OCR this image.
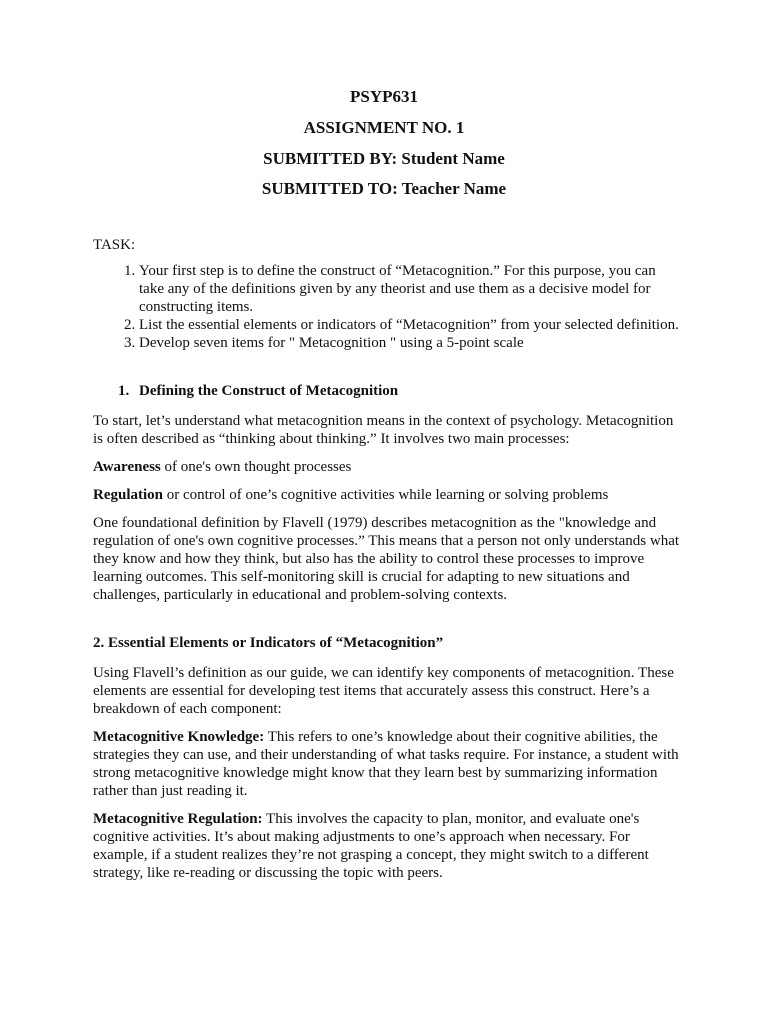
PSYP631
ASSIGNMENT NO. 1
SUBMITTED BY: Student Name
SUBMITTED TO: Teacher Name
TASK:
1. Your first step is to define the construct of “Metacognition.” For this purpose, you can take any of the definitions given by any theorist and use them as a decisive model for constructing items.
2. List the essential elements or indicators of “Metacognition” from your selected definition.
3. Develop seven items for " Metacognition " using a 5-point scale
1. Defining the Construct of Metacognition

To start, let’s understand what metacognition means in the context of psychology. Metacognition is often described as “thinking about thinking.” It involves two main processes:

Awareness of one's own thought processes

Regulation or control of one’s cognitive activities while learning or solving problems

One foundational definition by Flavell (1979) describes metacognition as the "knowledge and regulation of one's own cognitive processes.” This means that a person not only understands what they know and how they think, but also has the ability to control these processes to improve learning outcomes. This self-monitoring skill is crucial for adapting to new situations and challenges, particularly in educational and problem-solving contexts.

2. Essential Elements or Indicators of “Metacognition”

Using Flavell’s definition as our guide, we can identify key components of metacognition. These elements are essential for developing test items that accurately assess this construct. Here’s a breakdown of each component:

Metacognitive Knowledge: This refers to one’s knowledge about their cognitive abilities, the strategies they can use, and their understanding of what tasks require. For instance, a student with strong metacognitive knowledge might know that they learn best by summarizing information rather than just reading it.

Metacognitive Regulation: This involves the capacity to plan, monitor, and evaluate one's cognitive activities. It’s about making adjustments to one’s approach when necessary. For example, if a student realizes they’re not grasping a concept, they might switch to a different strategy, like re-reading or discussing the topic with peers.
